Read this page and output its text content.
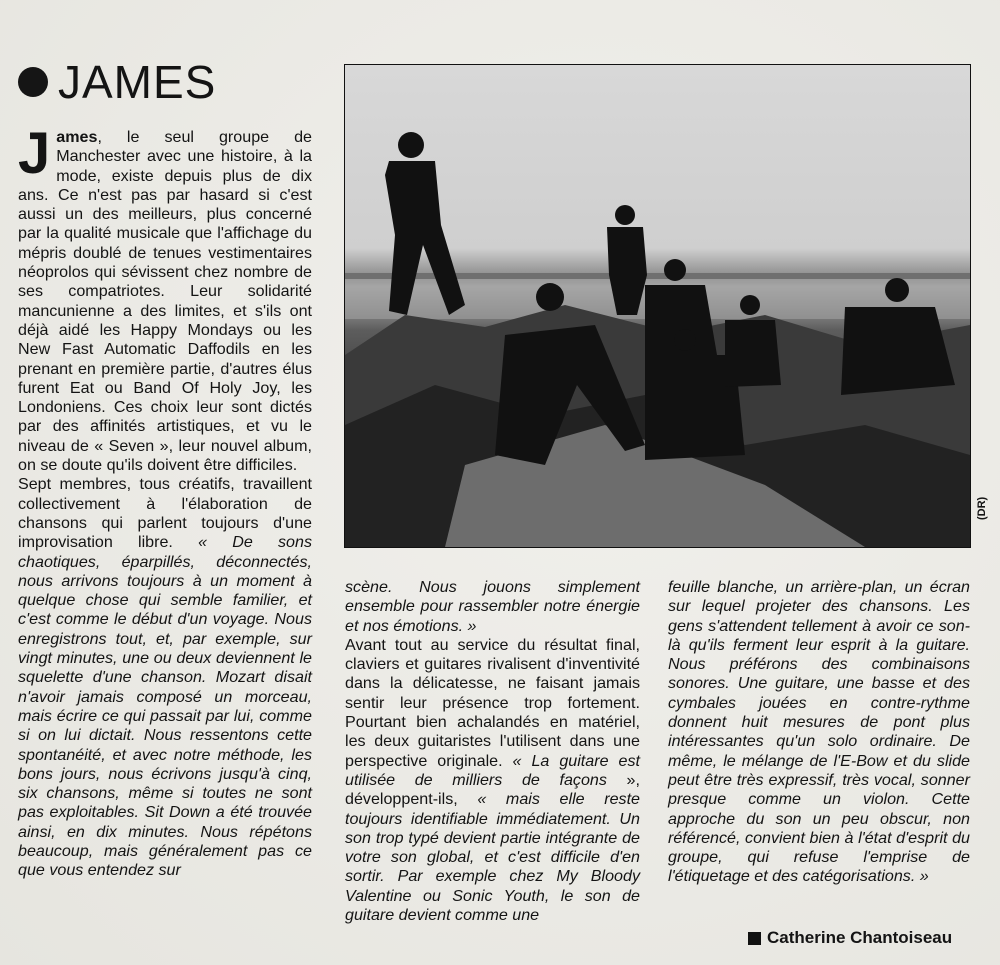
JAMES
(DR)

James, le seul groupe de Manchester avec une histoire, à la mode, existe depuis plus de dix ans. Ce n'est pas par hasard si c'est aussi un des meilleurs, plus concerné par la qualité musicale que l'affichage du mépris doublé de tenues vestimentaires néoprolos qui sévissent chez nombre de ses compatriotes. Leur solidarité mancunienne a des limites, et s'ils ont déjà aidé les Happy Mondays ou les New Fast Automatic Daffodils en les prenant en première partie, d'autres élus furent Eat ou Band Of Holy Joy, les Londoniens. Ces choix leur sont dictés par des affinités artistiques, et vu le niveau de « Seven », leur nouvel album, on se doute qu'ils doivent être difficiles.

Sept membres, tous créatifs, travaillent collectivement à l'élaboration de chansons qui parlent toujours d'une improvisation libre. « De sons chaotiques, éparpillés, déconnectés, nous arrivons toujours à un moment à quelque chose qui semble familier, et c'est comme le début d'un voyage. Nous enregistrons tout, et, par exemple, sur vingt minutes, une ou deux deviennent le squelette d'une chanson. Mozart disait n'avoir jamais composé un morceau, mais écrire ce qui passait par lui, comme si on lui dictait. Nous ressentons cette spontanéité, et avec notre méthode, les bons jours, nous écrivons jusqu'à cinq, six chansons, même si toutes ne sont pas exploitables. Sit Down a été trouvée ainsi, en dix minutes. Nous répétons beaucoup, mais généralement pas ce que vous entendez sur

scène. Nous jouons simplement ensemble pour rassembler notre énergie et nos émotions. »

Avant tout au service du résultat final, claviers et guitares rivalisent d'inventivité dans la délicatesse, ne faisant jamais sentir leur présence trop fortement. Pourtant bien achalandés en matériel, les deux guitaristes l'utilisent dans une perspective originale. « La guitare est utilisée de milliers de façons », développent-ils, « mais elle reste toujours identifiable immédiatement. Un son trop typé devient partie intégrante de votre son global, et c'est difficile d'en sortir. Par exemple chez My Bloody Valentine ou Sonic Youth, le son de guitare devient comme une

feuille blanche, un arrière-plan, un écran sur lequel projeter des chansons. Les gens s'attendent tellement à avoir ce son-là qu'ils ferment leur esprit à la guitare. Nous préférons des combinaisons sonores. Une guitare, une basse et des cymbales jouées en contre-rythme donnent huit mesures de pont plus intéressantes qu'un solo ordinaire. De même, le mélange de l'E-Bow et du slide peut être très expressif, très vocal, sonner presque comme un violon. Cette approche du son un peu obscur, non référencé, convient bien à l'état d'esprit du groupe, qui refuse l'emprise de l'étiquetage et des catégorisations. »

Catherine Chantoiseau
